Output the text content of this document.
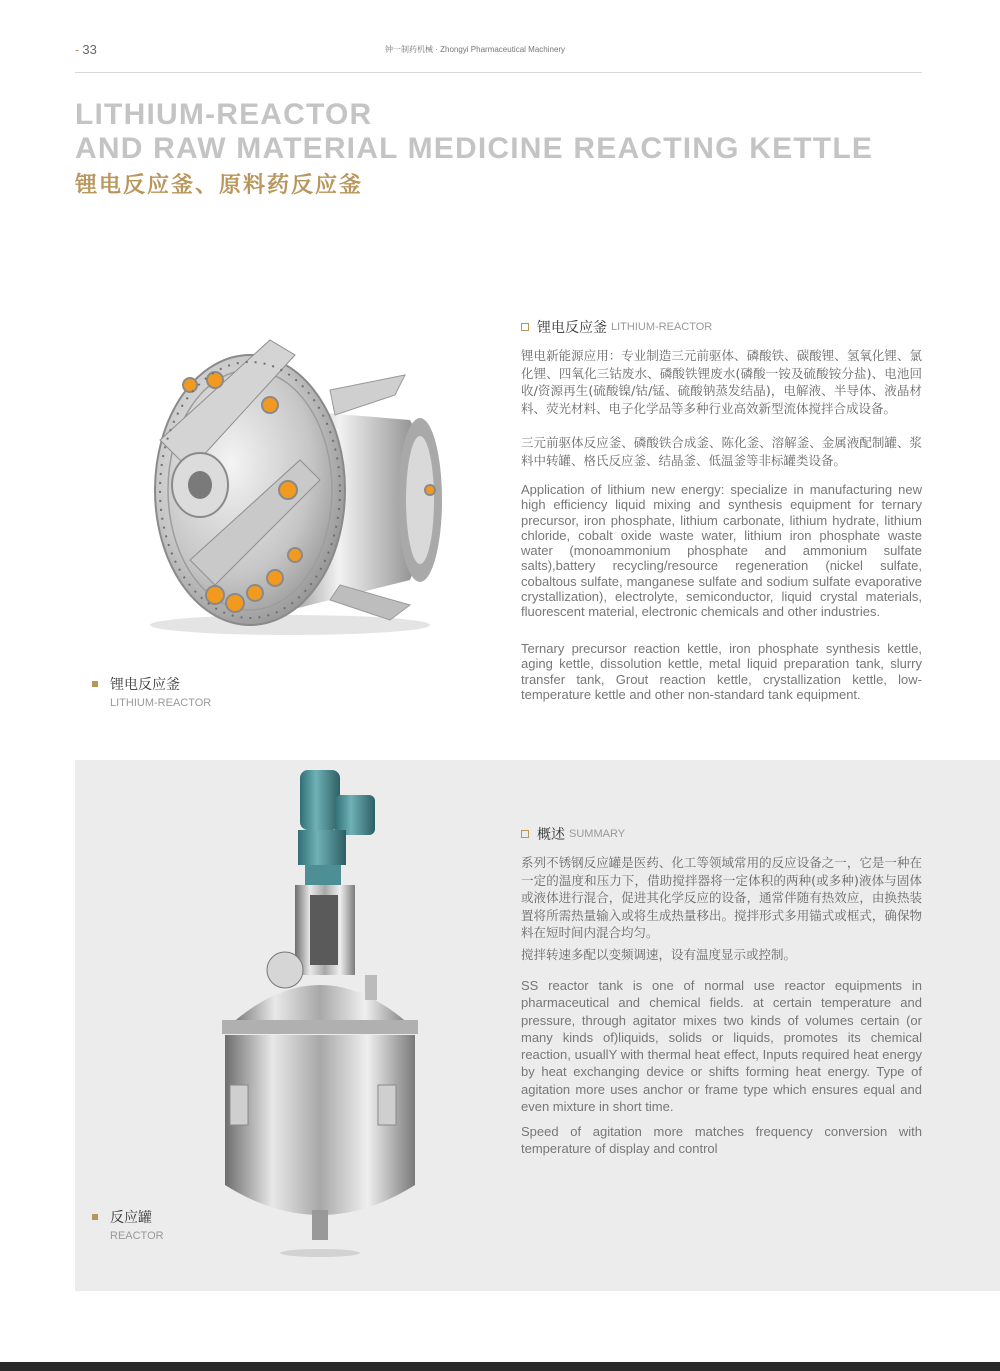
- 33	钟一制药机械 · Zhongyi Pharmaceutical Machinery
LITHIUM-REACTOR
AND RAW MATERIAL MEDICINE REACTING KETTLE
锂电反应釜、原料药反应釜
锂电反应釜
LITHIUM-REACTOR
锂电反应釜 LITHIUM-REACTOR
锂电新能源应用：专业制造三元前驱体、磷酸铁、碳酸锂、氢氧化锂、氯化锂、四氧化三钴废水、磷酸铁锂废水(磷酸一铵及硫酸铵分盐)、电池回收/资源再生(硫酸镍/钴/锰、硫酸钠蒸发结晶)，电解液、半导体、液晶材料、荧光材料、电子化学品等多种行业高效新型流体搅拌合成设备。
三元前驱体反应釜、磷酸铁合成釜、陈化釜、溶解釜、金属液配制罐、浆料中转罐、格氏反应釜、结晶釜、低温釜等非标罐类设备。
Application of lithium new energy: specialize in manufacturing new high efficiency liquid mixing and synthesis equipment for ternary precursor, iron phosphate, lithium carbonate, lithium hydrate, lithium chloride, cobalt oxide waste water, lithium iron phosphate waste water (monoammonium phosphate and ammonium sulfate salts),battery recycling/resource regeneration (nickel sulfate, cobaltous sulfate, manganese sulfate and sodium sulfate evaporative crystallization), electrolyte, semiconductor, liquid crystal materials, fluorescent material, electronic chemicals and other industries.
Ternary precursor reaction kettle, iron phosphate synthesis kettle, aging kettle, dissolution kettle, metal liquid preparation tank, slurry transfer tank, Grout reaction kettle, crystallization kettle, low-temperature kettle and other non-standard tank equipment.
反应罐
REACTOR
概述 SUMMARY
系列不锈钢反应罐是医药、化工等领域常用的反应设备之一，它是一种在一定的温度和压力下，借助搅拌器将一定体积的两种(或多种)液体与固体或液体进行混合，促进其化学反应的设备，通常伴随有热效应，由换热装置将所需热量输入或将生成热量移出。搅拌形式多用锚式或框式，确保物料在短时间内混合均匀。
搅拌转速多配以变频调速，设有温度显示或控制。
SS reactor tank is one of normal use reactor equipments in pharmaceutical and chemical fields. at certain temperature and pressure, through agitator mixes two kinds of volumes certain (or many kinds of)liquids, solids or liquids, promotes its chemical reaction, usuallY with thermal heat effect, Inputs required heat energy by heat exchanging device or shifts forming heat energy. Type of agitation more uses anchor or frame type which ensures equal and even mixture in short time.
Speed of agitation more matches frequency conversion with temperature of display and control
